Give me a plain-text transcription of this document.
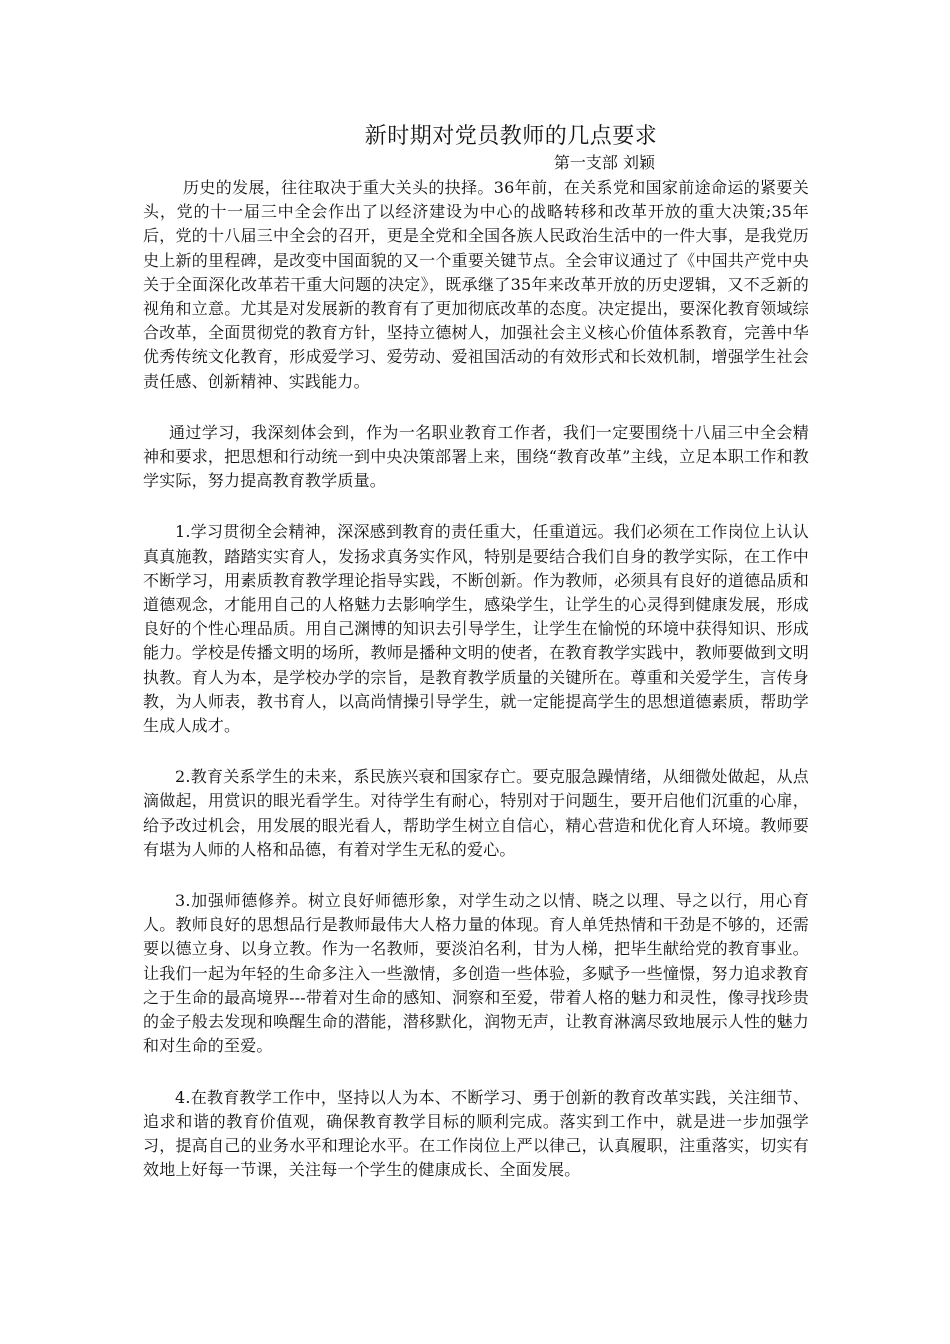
新时期对党员教师的几点要求
第一支部 刘颖

历史的发展，往往取决于重大关头的抉择。36年前，在关系党和国家前途命运的紧要关头，党的十一届三中全会作出了以经济建设为中心的战略转移和改革开放的重大决策;35年后，党的十八届三中全会的召开，更是全党和全国各族人民政治生活中的一件大事，是我党历史上新的里程碑，是改变中国面貌的又一个重要关键节点。全会审议通过了《中国共产党中央关于全面深化改革若干重大问题的决定》，既承继了35年来改革开放的历史逻辑，又不乏新的视角和立意。尤其是对发展新的教育有了更加彻底改革的态度。决定提出，要深化教育领域综合改革，全面贯彻党的教育方针，坚持立德树人，加强社会主义核心价值体系教育，完善中华优秀传统文化教育，形成爱学习、爱劳动、爱祖国活动的有效形式和长效机制，增强学生社会责任感、创新精神、实践能力。

通过学习，我深刻体会到，作为一名职业教育工作者，我们一定要围绕十八届三中全会精神和要求，把思想和行动统一到中央决策部署上来，围绕“教育改革”主线，立足本职工作和教学实际，努力提高教育教学质量。

1.学习贯彻全会精神，深深感到教育的责任重大，任重道远。我们必须在工作岗位上认认真真施教，踏踏实实育人，发扬求真务实作风，特别是要结合我们自身的教学实际，在工作中不断学习，用素质教育教学理论指导实践，不断创新。作为教师，必须具有良好的道德品质和道德观念，才能用自己的人格魅力去影响学生，感染学生，让学生的心灵得到健康发展，形成良好的个性心理品质。用自己渊博的知识去引导学生，让学生在愉悦的环境中获得知识、形成能力。学校是传播文明的场所，教师是播种文明的使者，在教育教学实践中，教师要做到文明执教。育人为本，是学校办学的宗旨，是教育教学质量的关键所在。尊重和关爱学生，言传身教，为人师表，教书育人，以高尚情操引导学生，就一定能提高学生的思想道德素质，帮助学生成人成才。

2.教育关系学生的未来，系民族兴衰和国家存亡。要克服急躁情绪，从细微处做起，从点滴做起，用赏识的眼光看学生。对待学生有耐心，特别对于问题生，要开启他们沉重的心扉，给予改过机会，用发展的眼光看人，帮助学生树立自信心，精心营造和优化育人环境。教师要有堪为人师的人格和品德，有着对学生无私的爱心。

3.加强师德修养。树立良好师德形象，对学生动之以情、晓之以理、导之以行，用心育人。教师良好的思想品行是教师最伟大人格力量的体现。育人单凭热情和干劲是不够的，还需要以德立身、以身立教。作为一名教师，要淡泊名利，甘为人梯，把毕生献给党的教育事业。让我们一起为年轻的生命多注入一些激情，多创造一些体验，多赋予一些憧憬，努力追求教育之于生命的最高境界---带着对生命的感知、洞察和至爱，带着人格的魅力和灵性，像寻找珍贵的金子般去发现和唤醒生命的潜能，潜移默化，润物无声，让教育淋漓尽致地展示人性的魅力和对生命的至爱。

4.在教育教学工作中，坚持以人为本、不断学习、勇于创新的教育改革实践，关注细节、追求和谐的教育价值观，确保教育教学目标的顺利完成。落实到工作中，就是进一步加强学习，提高自己的业务水平和理论水平。在工作岗位上严以律己，认真履职，注重落实，切实有效地上好每一节课，关注每一个学生的健康成长、全面发展。
